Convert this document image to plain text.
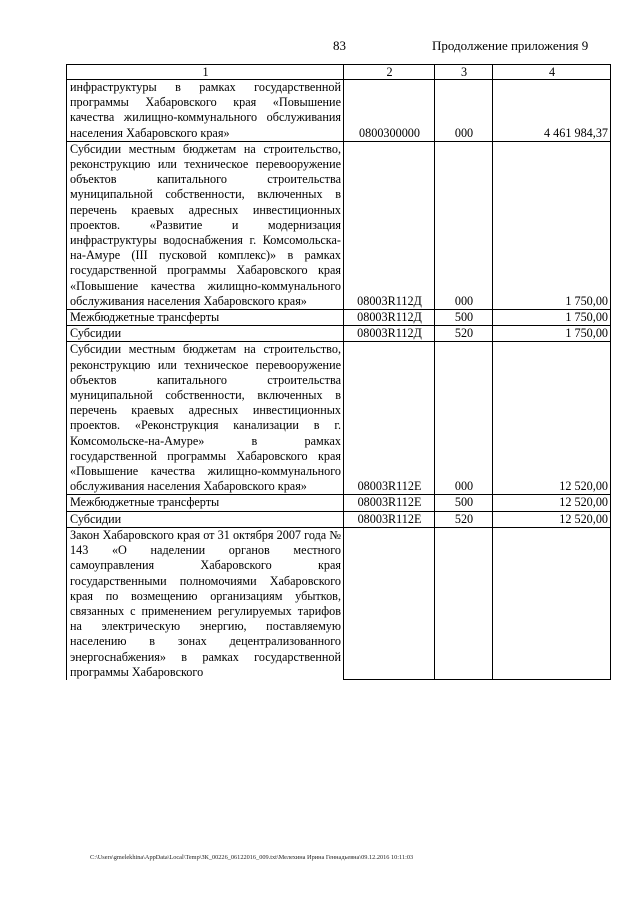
83	Продолжение приложения 9
1	2	3	4
инфраструктуры в рамках государственной программы Хабаровского края «Повышение качества жилищно-коммунального обслуживания населения Хабаровского края»	0800300000	000	4 461 984,37
Субсидии местным бюджетам на строительство, реконструкцию или техническое перевооружение объектов капитального строительства муниципальной собственности, включенных в перечень краевых адресных инвестиционных проектов. «Развитие и модернизация инфраструктуры водоснабжения г. Комсомольска-на-Амуре (III пусковой комплекс)» в рамках государственной программы Хабаровского края «Повышение качества жилищно-коммунального обслуживания населения Хабаровского края»	08003R112Д	000	1 750,00
Межбюджетные трансферты	08003R112Д	500	1 750,00
Субсидии	08003R112Д	520	1 750,00
Субсидии местным бюджетам на строительство, реконструкцию или техническое перевооружение объектов капитального строительства муниципальной собственности, включенных в перечень краевых адресных инвестиционных проектов. «Реконструкция канализации в г. Комсомольске-на-Амуре» в рамках государственной программы Хабаровского края «Повышение качества жилищно-коммунального обслуживания населения Хабаровского края»	08003R112E	000	12 520,00
Межбюджетные трансферты	08003R112E	500	12 520,00
Субсидии	08003R112E	520	12 520,00
Закон Хабаровского края от 31 октября 2007 года № 143 «О наделении органов местного самоуправления Хабаровского края государственными полномочиями Хабаровского края по возмещению организациям убытков, связанных с применением регулируемых тарифов на электрическую энергию, поставляемую населению в зонах децентрализованного энергоснабжения» в рамках государственной программы Хабаровского			
C:\Users\gmelekhina\AppData\Local\Temp\ЗК_00226_06122016_009.txt\Мелехина Ирина Геннадьевна\09.12.2016 10:11:03
